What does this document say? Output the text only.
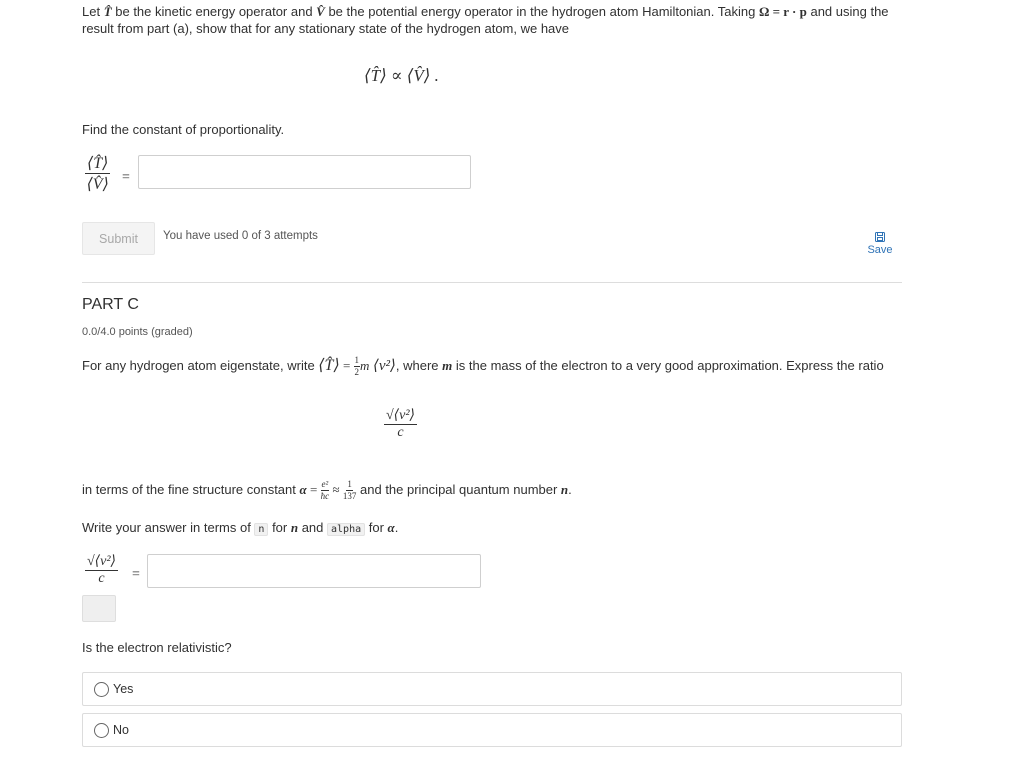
Let T̂ be the kinetic energy operator and V̂ be the potential energy operator in the hydrogen atom Hamiltonian. Taking Ω = r · p and using the
result from part (a), show that for any stationary state of the hydrogen atom, we have
⟨T̂⟩ ∝ ⟨V̂⟩ .
Find the constant of proportionality.
$\frac{⟨T̂⟩}{⟨V̂⟩}$ =
Submit	You have used 0 of 3 attempts
Save
PART C
0.0/4.0 points (graded)
For any hydrogen atom eigenstate, write ⟨T̂⟩ = $\frac{1}{2}$ m ⟨v²⟩, where m is the mass of the electron to a very good approximation. Express the ratio
$\frac{\text{√⟨v²⟩}}{c}$
in terms of the fine structure constant $\alpha = \frac{\text{e²}}{ħc} \approx \frac{1}{137}$ and the principal quantum number n.
Write your answer in terms of n for n and alpha for α.
$\frac{\text{√⟨v²⟩}}{c}$ =
Is the electron relativistic?
Yes
No
